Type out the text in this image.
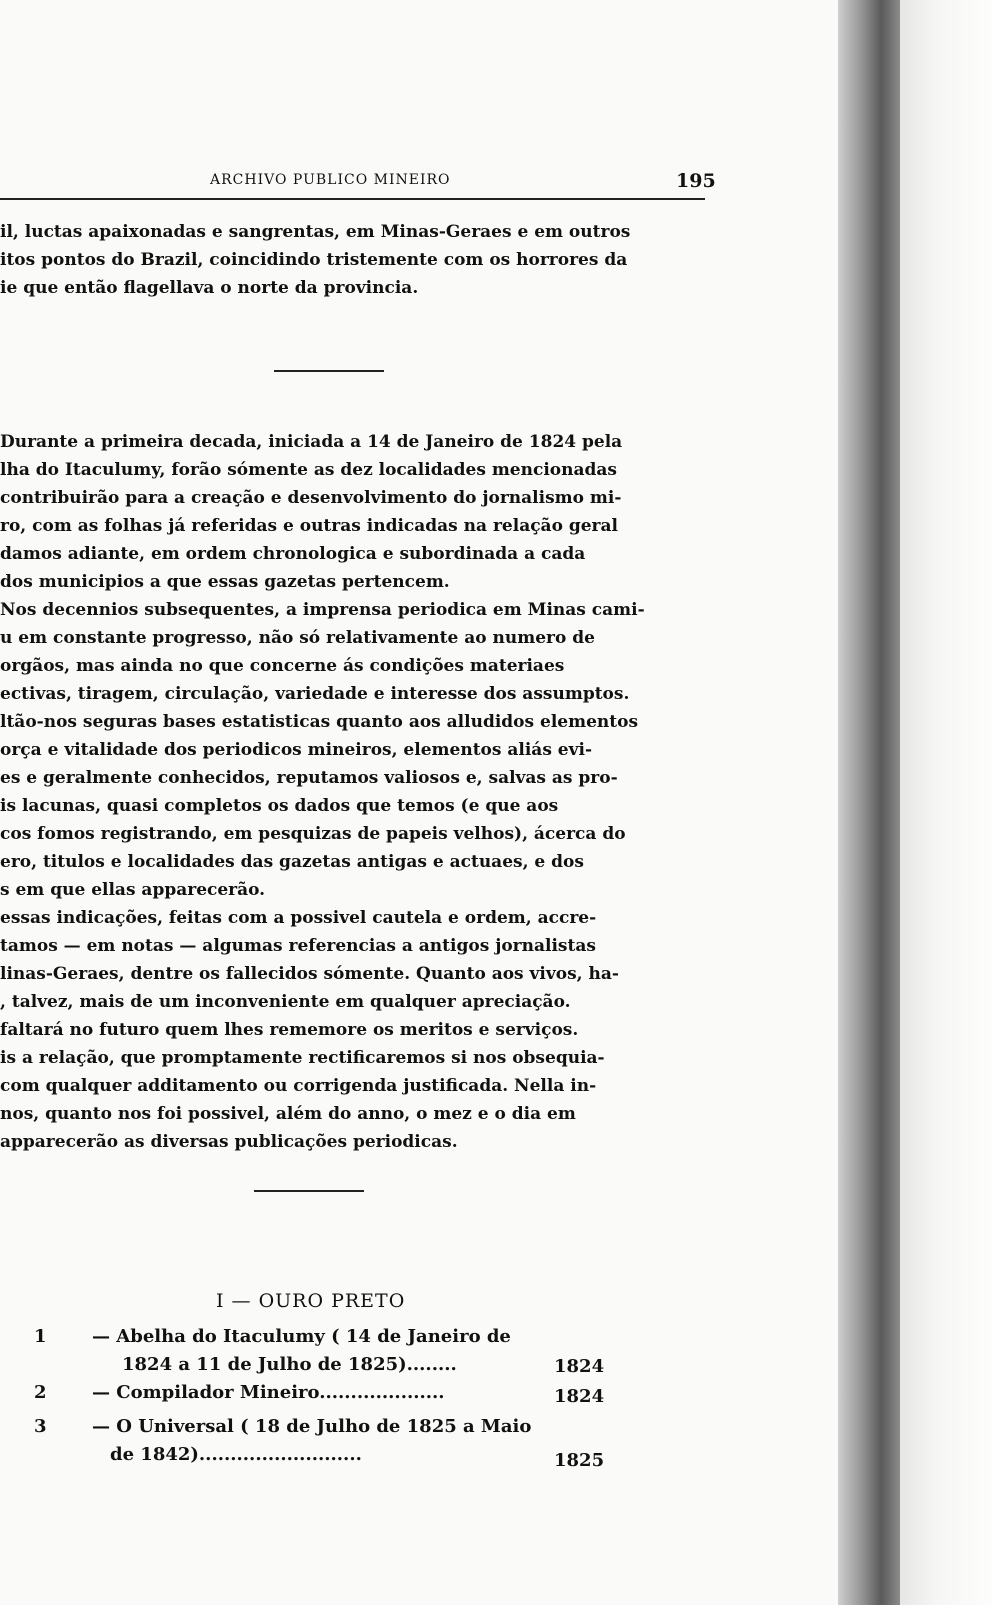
ARCHIVO PUBLICO MINEIRO	195
il, luctas apaixonadas e sangrentas, em Minas-Geraes e em outros
itos pontos do Brazil, coincidindo tristemente com os horrores da
ie que então flagellava o norte da provincia.
Durante a primeira decada, iniciada a 14 de Janeiro de 1824 pela
lha do Itaculumy, forão sómente as dez localidades mencionadas
contribuirão para a creação e desenvolvimento do jornalismo mi-
ro, com as folhas já referidas e outras indicadas na relação geral
damos adiante, em ordem chronologica e subordinada a cada
dos municipios a que essas gazetas pertencem.
Nos decennios subsequentes, a imprensa periodica em Minas cami-
u em constante progresso, não só relativamente ao numero de
orgãos, mas ainda no que concerne ás condições materiaes
ectivas, tiragem, circulação, variedade e interesse dos assumptos.
ltão-nos seguras bases estatisticas quanto aos alludidos elementos
orça e vitalidade dos periodicos mineiros, elementos aliás evi-
es e geralmente conhecidos, reputamos valiosos e, salvas as pro-
is lacunas, quasi completos os dados que temos (e que aos
cos fomos registrando, em pesquizas de papeis velhos), ácerca do
ero, titulos e localidades das gazetas antigas e actuaes, e dos
s em que ellas apparecerão.
essas indicações, feitas com a possivel cautela e ordem, accre-
tamos — em notas — algumas referencias a antigos jornalistas
linas-Geraes, dentre os fallecidos sómente. Quanto aos vivos, ha-
, talvez, mais de um inconveniente em qualquer apreciação.
faltará no futuro quem lhes rememore os meritos e serviços.
is a relação, que promptamente rectificaremos si nos obsequia-
com qualquer additamento ou corrigenda justificada. Nella in-
nos, quanto nos foi possivel, além do anno, o mez e o dia em
apparecerão as diversas publicações periodicas.
I — OURO PRETO
1	— Abelha do Itaculumy ( 14 de Janeiro de
1824 a 11 de Julho de 1825)........	1824
2	— Compilador Mineiro....................	1824
3	— O Universal ( 18 de Julho de 1825 a Maio
de 1842)..........................	1825
